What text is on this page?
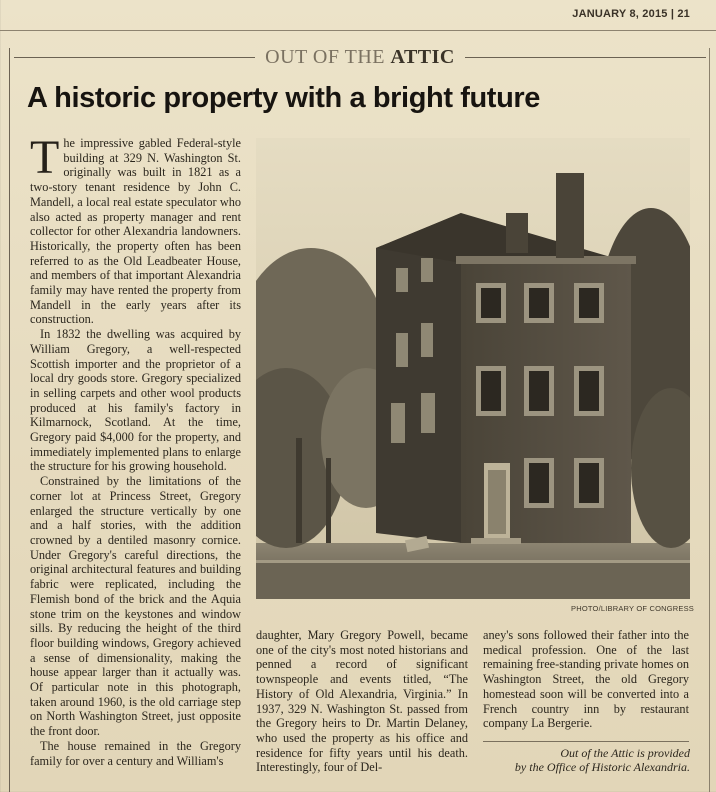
JANUARY 8, 2015 | 21
OUT OF THE ATTIC
A historic property with a bright future

The impressive gabled Federal-style building at 329 N. Washington St. originally was built in 1821 as a two-story tenant residence by John C. Mandell, a local real estate speculator who also acted as property manager and rent collector for other Alexandria landowners. Historically, the property often has been referred to as the Old Leadbeater House, and members of that important Alexandria family may have rented the property from Mandell in the early years after its construction.

In 1832 the dwelling was acquired by William Gregory, a well-respected Scottish importer and the proprietor of a local dry goods store. Gregory specialized in selling carpets and other wool products produced at his family's factory in Kilmarnock, Scotland. At the time, Gregory paid $4,000 for the property, and immediately implemented plans to enlarge the structure for his growing household.

Constrained by the limitations of the corner lot at Princess Street, Gregory enlarged the structure vertically by one and a half stories, with the addition crowned by a dentiled masonry cornice. Under Gregory's careful directions, the original architectural features and building fabric were replicated, including the Flemish bond of the brick and the Aquia stone trim on the keystones and window sills. By reducing the height of the third floor building windows, Gregory achieved a sense of dimensionality, making the house appear larger than it actually was. Of particular note in this photograph, taken around 1960, is the old carriage step on North Washington Street, just opposite the front door.

The house remained in the Gregory family for over a century and William's

PHOTO/LIBRARY OF CONGRESS

daughter, Mary Gregory Powell, became one of the city's most noted historians and penned a record of significant townspeople and events titled, “The History of Old Alexandria, Virginia.” In 1937, 329 N. Washington St. passed from the Gregory heirs to Dr. Martin Delaney, who used the property as his office and residence for fifty years until his death. Interestingly, four of Del-

aney's sons followed their father into the medical profession. One of the last remaining free-standing private homes on Washington Street, the old Gregory homestead soon will be converted into a French country inn by restaurant company La Bergerie.

Out of the Attic is provided
by the Office of Historic Alexandria.
